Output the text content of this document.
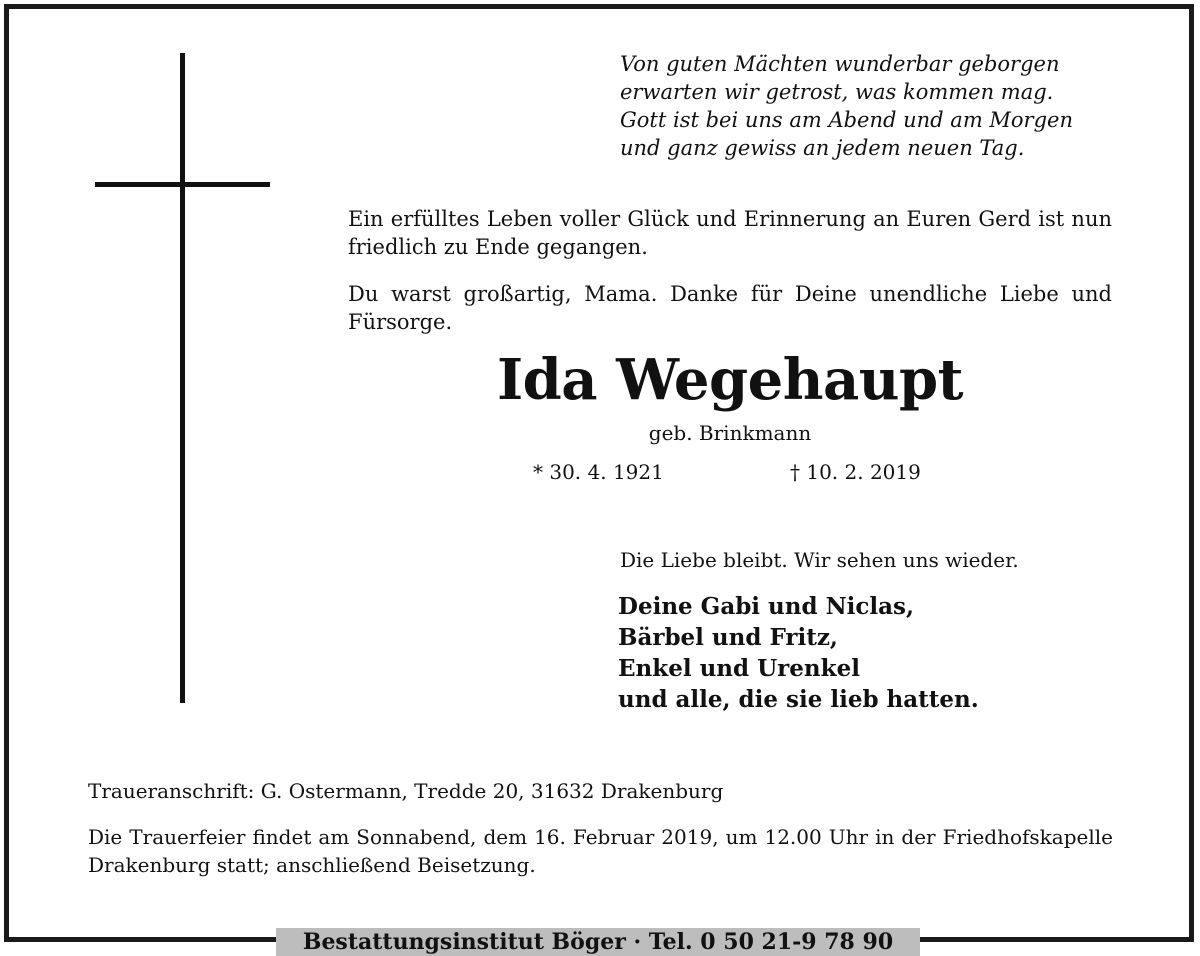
Von guten Mächten wunderbar geborgen
erwarten wir getrost, was kommen mag.
Gott ist bei uns am Abend und am Morgen
und ganz gewiss an jedem neuen Tag.
Ein erfülltes Leben voller Glück und Erinnerung an Euren Gerd ist nun friedlich zu Ende gegangen.
Du warst großartig, Mama. Danke für Deine unendliche Liebe und Fürsorge.
Ida Wegehaupt
geb. Brinkmann
* 30. 4. 1921	† 10. 2. 2019
Die Liebe bleibt. Wir sehen uns wieder.
Deine Gabi und Niclas,
Bärbel und Fritz,
Enkel und Urenkel
und alle, die sie lieb hatten.
Traueranschrift: G. Ostermann, Tredde 20, 31632 Drakenburg
Die Trauerfeier findet am Sonnabend, dem 16. Februar 2019, um 12.00 Uhr in der Friedhofskapelle Drakenburg statt; anschließend Beisetzung.
Bestattungsinstitut Böger · Tel. 0 50 21-9 78 90
